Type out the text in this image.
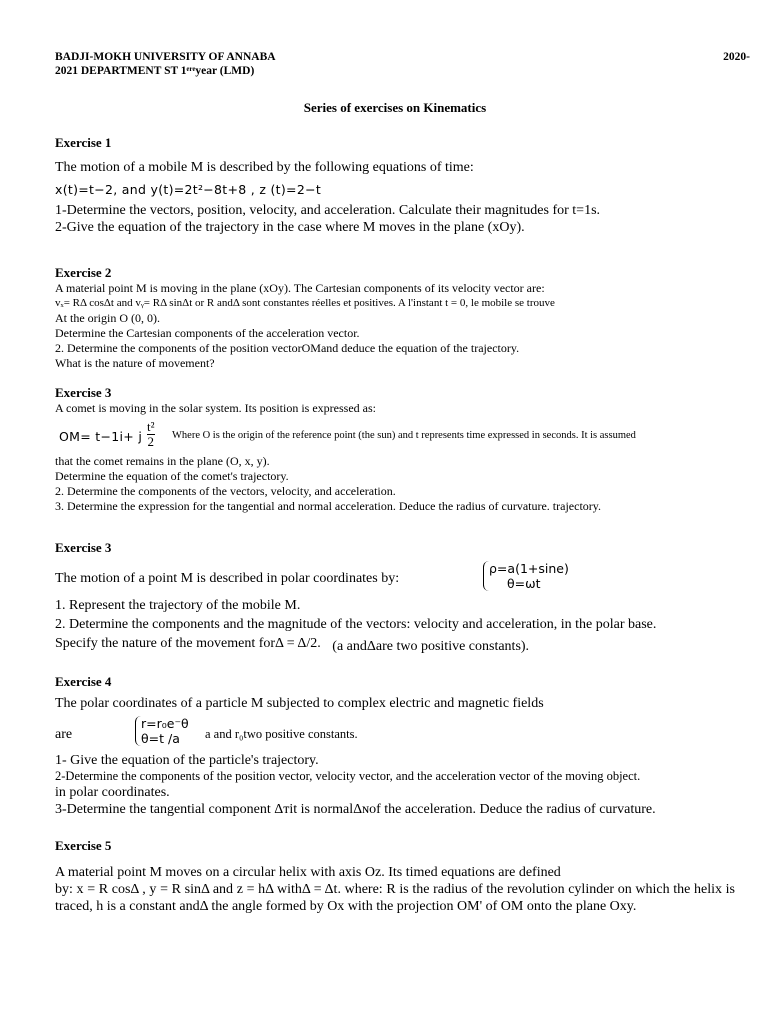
BADJI-MOKH UNIVERSITY OF ANNABA	2020-
2021 DEPARTMENT ST 1ᵉʳᵉyear (LMD)
Series of exercises on Kinematics
Exercise 1

The motion of a mobile M is described by the following equations of time:

x(t)=t−2, and y(t)=2t²−8t+8 , z (t)=2−t

1-Determine the vectors, position, velocity, and acceleration. Calculate their magnitudes for t=1s.

2-Give the equation of the trajectory in the case where M moves in the plane (xOy).

Exercise 2

A material point M is moving in the plane (xOy). The Cartesian components of its velocity vector are:

vₓ= RΔ cosΔt and vᵧ= RΔ sinΔt or R andΔ sont constantes réelles et positives. A l'instant t = 0, le mobile se trouve

At the origin O (0, 0).

Determine the Cartesian components of the acceleration vector.

2. Determine the components of the position vectorOMand deduce the equation of the trajectory.

What is the nature of movement?

Exercise 3

A comet is moving in the solar system. Its position is expressed as:

OM= t−1i+ j $\frac{\text{t²}}{2}$ Where O is the origin of the reference point (the sun) and t represents time expressed in seconds. It is assumed

that the comet remains in the plane (O, x, y).

Determine the equation of the comet's trajectory.

2. Determine the components of the vectors, velocity, and acceleration.

3. Determine the expression for the tangential and normal acceleration. Deduce the radius of curvature. trajectory.

Exercise 3
The motion of a point M is described in polar coordinates by:
ρ=a(1+sine)
θ=ωt

1. Represent the trajectory of the mobile M.

2. Determine the components and the magnitude of the vectors: velocity and acceleration, in the polar base.

Specify the nature of the movement forΔ = Δ/2. (a andΔare two positive constants).

Exercise 4

The polar coordinates of a particle M subjected to complex electric and magnetic fields

are
r=r₀e⁻θ
θ=t /a	a and r₀two positive constants.

1- Give the equation of the particle's trajectory.

2-Determine the components of the position vector, velocity vector, and the acceleration vector of the moving object.

in polar coordinates.

3-Determine the tangential component Δᴛit is normalΔɴof the acceleration. Deduce the radius of curvature.

Exercise 5

A material point M moves on a circular helix with axis Oz. Its timed equations are defined

by: x = R cosΔ , y = R sinΔ and z = hΔ withΔ = Δt. where: R is the radius of the revolution cylinder on which the helix is traced, h is a constant andΔ the angle formed by Ox with the projection OM' of OM onto the plane Oxy.
